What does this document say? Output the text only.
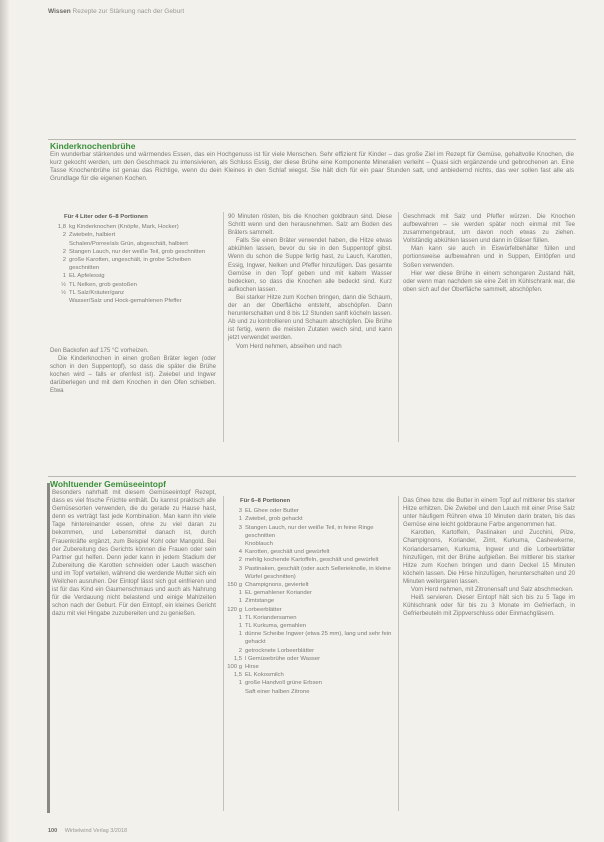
Wissen Rezepte zur Stärkung nach der Geburt
Kinderknochenbrühe

Ein wunderbar stärkendes und wärmendes Essen, das ein Hochgenuss ist für viele Menschen. Sehr effizient für Kinder – das große Ziel im Rezept für Gemüse, gehaltvolle Knochen, die kurz gekocht werden, um den Geschmack zu intensivieren, als Schluss Essig, der diese Brühe eine Komponente Mineralien verleiht – Quasi sich ergänzende und gebrochenen an. Eine Tasse Knochenbrühe ist genau das Richtige, wenn du dein Kleines in den Schlaf wiegst. Sie hält dich für ein paar Stunden satt, und anbiedernd nichts, das wer sollen fast alle als Grundlage für die eigenen Kochen.

Für 4 Liter oder 6–8 Portionen
1,8 kg Kinderknochen (Knöpfe, Mark, Hocker)
2 Zwiebeln, halbiert
Schalen/Porree/als Grün, abgeschält, halbiert
2 Stangen Lauch, nur der weiße Teil, grob geschnitten
2 große Karotten, ungeschält, in grobe Scheiben geschnitten
1 EL Apfelessig
½ TL Nelken, grob gestoßen
½ TL Salz/Kräuter/ganz
Wasser/Salz und Hock-gemahlenen Pfeffer

Den Backofen auf 175 °C vorheizen.

Die Kinderknochen in einen großen Bräter legen (oder schon in den Suppentopf), so dass die später die Brühe kochen wird – falls er ofenfest ist). Zwiebel und Ingwer darüberlegen und mit dem Knochen in den Ofen schieben. Etwa

90 Minuten rösten, bis die Knochen goldbraun sind. Diese Schritt wenn und den herausnehmen. Salz am Boden des Bräters sammelt.

Falls Sie einen Bräter verwendet haben, die Hitze etwas abkühlen lassen, bevor du sie in den Suppentopf gibst. Wenn du schon die Suppe fertig hast, zu Lauch, Karotten, Essig, Ingwer, Nelken und Pfeffer hinzufügen. Das gesamte Gemüse in den Topf geben und mit kaltem Wasser bedecken, so dass die Knochen alle bedeckt sind. Kurz aufkochen lassen.

Bei starker Hitze zum Kochen bringen, dann die Schaum, der an der Oberfläche entsteht, abschöpfen. Dann herunterschalten und 8 bis 12 Stunden sanft köcheln lassen. Ab und zu kontrollieren und Schaum abschöpfen. Die Brühe ist fertig, wenn die meisten Zutaten weich sind, und kann jetzt verwendet werden.

Vom Herd nehmen, abseihen und nach

Geschmack mit Salz und Pfeffer würzen. Die Knochen aufbewahren – sie werden später noch einmal mit Tee zusammengebraut, um davon noch etwas zu ziehen. Vollständig abkühlen lassen und dann in Gläser füllen.

Man kann sie auch in Eiswürfelbehälter füllen und portionsweise aufbewahren und in Suppen, Eintöpfen und Soßen verwenden.

Hier wer diese Brühe in einem schongaren Zustand hält, oder wenn man nachdem sie eine Zeit im Kühlschrank war, die oben sich auf der Oberfläche sammelt, abschöpfen.

Wohltuender Gemüseeintopf

Besonders nahrhaft mit diesem Gemüseeintopf Rezept, dass es viel frische Früchte enthält. Du kannst praktisch alle Gemüsesorten verwenden, die du gerade zu Hause hast, denn es verträgt fast jede Kombination. Man kann ihn viele Tage hintereinander essen, ohne zu viel daran zu bekommen, und Lebensmittel danach ist, durch Frauenkräfte ergänzt, zum Beispiel Kohl oder Mangold. Bei der Zubereitung des Gerichts können die Frauen oder sein Partner gut helfen. Denn jeder kann in jedem Stadium der Zubereitung die Karotten schneiden oder Lauch waschen und im Topf verteilen, während die werdende Mutter sich ein Weilchen ausruhen. Der Eintopf lässt sich gut einfrieren und ist für das Kind ein Gaumenschmaus und auch als Nahrung für die Verdauung nicht belastend und einige Mahlzeiten schon nach der Geburt. Für den Eintopf, ein kleines Gericht dazu mit viel Hingabe zuzubereiten und zu genießen.

Für 6–8 Portionen
3 EL Ghee oder Butter
1 Zwiebel, grob gehackt
3 Stangen Lauch, nur der weiße Teil, in feine Ringe geschnitten
Knoblauch
4 Karotten, geschält und gewürfelt
2 mehlig kochende Kartoffeln, geschält und gewürfelt
3 Pastinaken, geschält (oder auch Sellerieknolle, in kleine Würfel geschnitten)
150 g Champignons, geviertelt
1 EL gemahlener Koriander
1 Zimtstange
120 g Lorbeerblätter
1 TL Koriandersamen
1 TL Kurkuma, gemahlen
1 dünne Scheibe Ingwer (etwa 25 mm), lang und sehr fein gehackt
2 getrocknete Lorbeerblätter
1,5 l Gemüsebrühe oder Wasser
100 g Hirse
1,5 EL Kokosmilch
1 große Handvoll grüne Erbsen
Saft einer halben Zitrone

Das Ghee bzw. die Butter in einem Topf auf mittlerer bis starker Hitze erhitzen. Die Zwiebel und den Lauch mit einer Prise Salz unter häufigem Rühren etwa 10 Minuten darin braten, bis das Gemüse eine leicht goldbraune Farbe angenommen hat.

Karotten, Kartoffeln, Pastinaken und Zucchini, Pilze, Champignons, Koriander, Zimt, Kurkuma, Cashewkerne, Koriandersamen, Kurkuma, Ingwer und die Lorbeerblätter hinzufügen, mit der Brühe aufgießen. Bei mittlerer bis starker Hitze zum Kochen bringen und dann Deckel 15 Minuten köcheln lassen. Die Hirse hinzufügen, herunterschalten und 20 Minuten weitergaren lassen.

Vom Herd nehmen, mit Zitronensaft und Salz abschmecken.

Heiß servieren. Dieser Eintopf hält sich bis zu 5 Tage im Kühlschrank oder für bis zu 3 Monate im Gefrierfach, in Gefrierbeuteln mit Zippverschluss oder Einmachgläsern.

100 Wirbelwind Verlag 3/2018
